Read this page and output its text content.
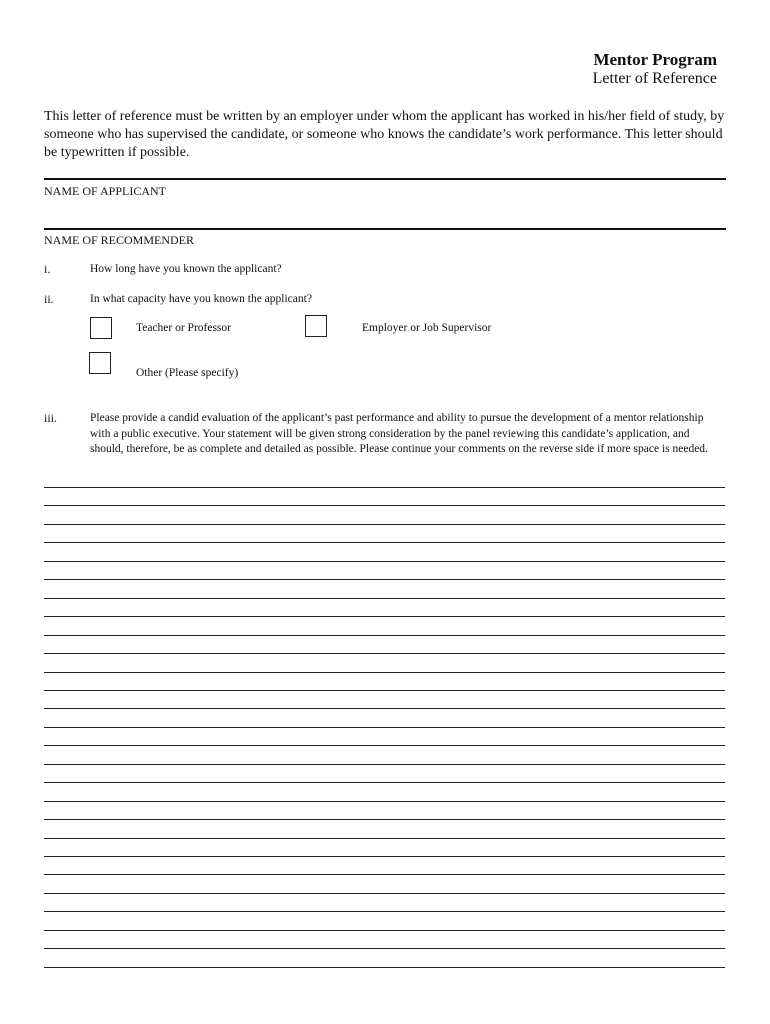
Mentor Program
Letter of Reference
This letter of reference must be written by an employer under whom the applicant has worked in his/her field of study, by someone who has supervised the candidate, or someone who knows the candidate’s work performance. This letter should be typewritten if possible.
NAME OF APPLICANT
NAME OF RECOMMENDER
i.	How long have you known the applicant?
ii.	In what capacity have you known the applicant?
Teacher or Professor	Employer or Job Supervisor
Other (Please specify)
iii.	Please provide a candid evaluation of the applicant’s past performance and ability to pursue the development of a mentor relationship with a public executive. Your statement will be given strong consideration by the panel reviewing this candidate’s application, and should, therefore, be as complete and detailed as possible. Please continue your comments on the reverse side if more space is needed.
